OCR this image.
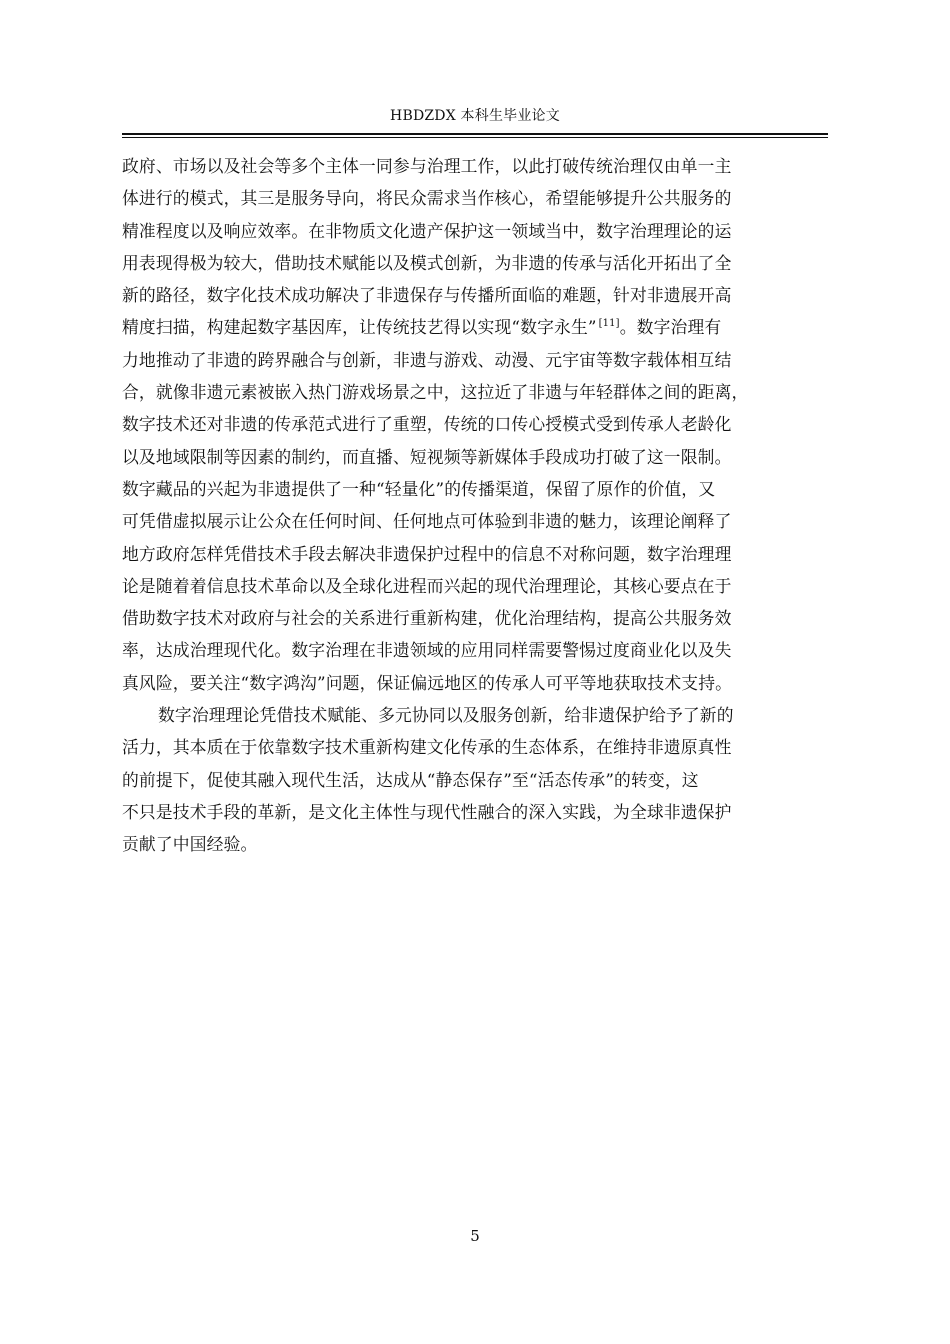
HBDZDX 本科生毕业论文
政府、市场以及社会等多个主体一同参与治理工作，以此打破传统治理仅由单一主
体进行的模式，其三是服务导向，将民众需求当作核心，希望能够提升公共服务的
精准程度以及响应效率。在非物质文化遗产保护这一领域当中，数字治理理论的运
用表现得极为较大，借助技术赋能以及模式创新，为非遗的传承与活化开拓出了全
新的路径，数字化技术成功解决了非遗保存与传播所面临的难题，针对非遗展开高
精度扫描，构建起数字基因库，让传统技艺得以实现“数字永生” [11]。数字治理有
力地推动了非遗的跨界融合与创新，非遗与游戏、动漫、元宇宙等数字载体相互结
合，就像非遗元素被嵌入热门游戏场景之中，这拉近了非遗与年轻群体之间的距离，
数字技术还对非遗的传承范式进行了重塑，传统的口传心授模式受到传承人老龄化
以及地域限制等因素的制约，而直播、短视频等新媒体手段成功打破了这一限制。
数字藏品的兴起为非遗提供了一种“轻量化”的传播渠道，保留了原作的价值，又
可凭借虚拟展示让公众在任何时间、任何地点可体验到非遗的魅力，该理论阐释了
地方政府怎样凭借技术手段去解决非遗保护过程中的信息不对称问题，数字治理理
论是随着着信息技术革命以及全球化进程而兴起的现代治理理论，其核心要点在于
借助数字技术对政府与社会的关系进行重新构建，优化治理结构，提高公共服务效
率，达成治理现代化。数字治理在非遗领域的应用同样需要警惕过度商业化以及失
真风险，要关注“数字鸿沟”问题，保证偏远地区的传承人可平等地获取技术支持。
数字治理理论凭借技术赋能、多元协同以及服务创新，给非遗保护给予了新的
活力，其本质在于依靠数字技术重新构建文化传承的生态体系，在维持非遗原真性
的前提下，促使其融入现代生活，达成从“静态保存”至“活态传承”的转变，这
不只是技术手段的革新，是文化主体性与现代性融合的深入实践，为全球非遗保护
贡献了中国经验。
5
